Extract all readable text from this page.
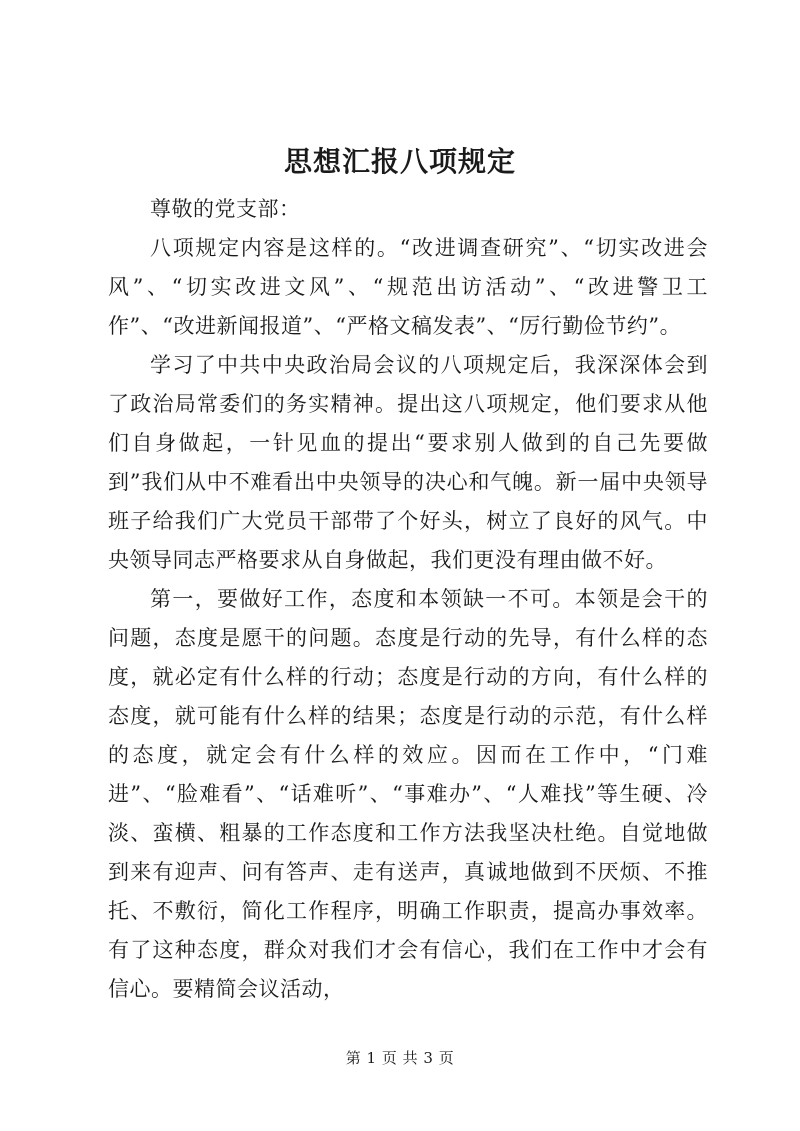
思想汇报八项规定

尊敬的党支部：

八项规定内容是这样的。“改进调查研究”、“切实改进会风”、“切实改进文风”、“规范出访活动”、“改进警卫工作”、“改进新闻报道”、“严格文稿发表”、“厉行勤俭节约”。

学习了中共中央政治局会议的八项规定后，我深深体会到了政治局常委们的务实精神。提出这八项规定，他们要求从他们自身做起，一针见血的提出“要求别人做到的自己先要做到”我们从中不难看出中央领导的决心和气魄。新一届中央领导班子给我们广大党员干部带了个好头，树立了良好的风气。中央领导同志严格要求从自身做起，我们更没有理由做不好。

第一，要做好工作，态度和本领缺一不可。本领是会干的问题，态度是愿干的问题。态度是行动的先导，有什么样的态度，就必定有什么样的行动；态度是行动的方向，有什么样的态度，就可能有什么样的结果；态度是行动的示范，有什么样的态度，就定会有什么样的效应。因而在工作中，“门难进”、“脸难看”、“话难听”、“事难办”、“人难找”等生硬、冷淡、蛮横、粗暴的工作态度和工作方法我坚决杜绝。自觉地做到来有迎声、问有答声、走有送声，真诚地做到不厌烦、不推托、不敷衍，简化工作程序，明确工作职责，提高办事效率。有了这种态度，群众对我们才会有信心，我们在工作中才会有信心。要精简会议活动，

第 1 页 共 3 页
